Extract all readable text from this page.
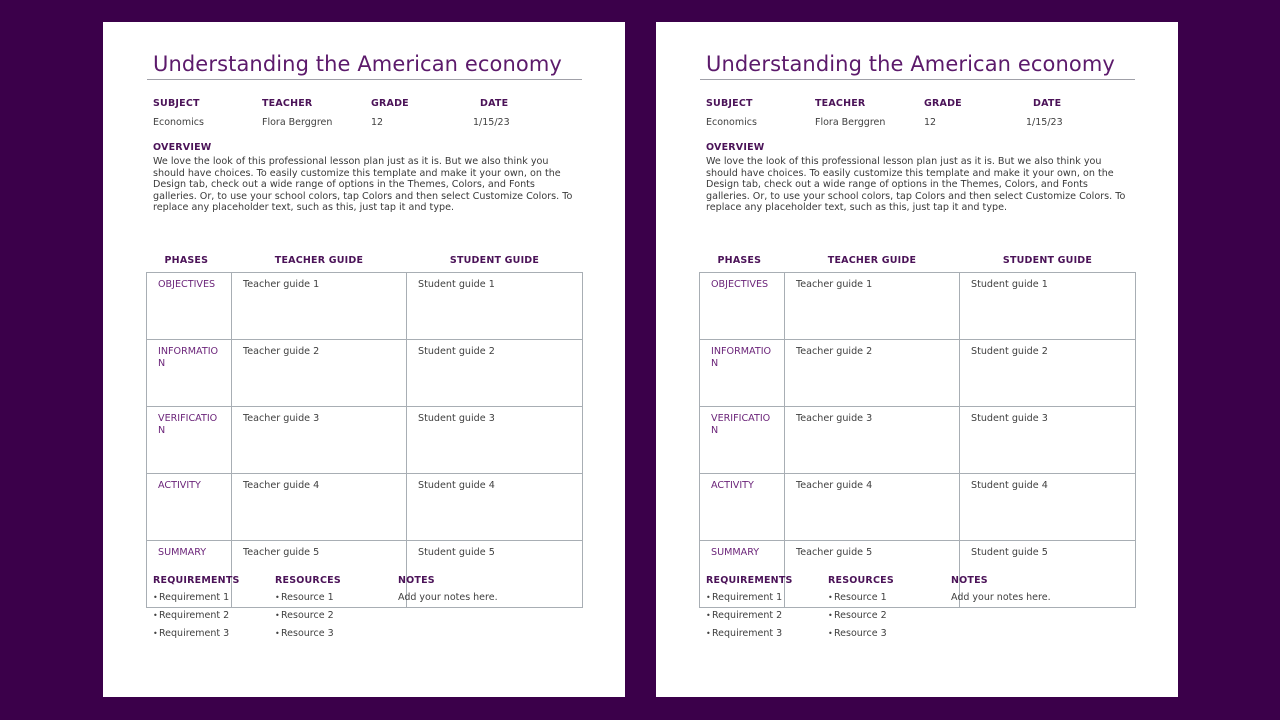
Understanding the American economy
SUBJECT	TEACHER	GRADE	DATE
Economics	Flora Berggren	12	1/15/23
OVERVIEW
We love the look of this professional lesson plan just as it is. But we also think you should have choices. To easily customize this template and make it your own, on the Design tab, check out a wide range of options in the Themes, Colors, and Fonts galleries. Or, to use your school colors, tap Colors and then select Customize Colors. To replace any placeholder text, such as this, just tap it and type.
PHASES	TEACHER GUIDE	STUDENT GUIDE
OBJECTIVES	Teacher guide 1	Student guide 1
INFORMATION	Teacher guide 2	Student guide 2
VERIFICATION	Teacher guide 3	Student guide 3
ACTIVITY	Teacher guide 4	Student guide 4
SUMMARY	Teacher guide 5	Student guide 5
REQUIREMENTS
•Requirement 1
•Requirement 2
•Requirement 3
RESOURCES
•Resource 1
•Resource 2
•Resource 3
NOTES
Add your notes here.
Understanding the American economy
SUBJECT	TEACHER	GRADE	DATE
Economics	Flora Berggren	12	1/15/23
OVERVIEW
We love the look of this professional lesson plan just as it is. But we also think you should have choices. To easily customize this template and make it your own, on the Design tab, check out a wide range of options in the Themes, Colors, and Fonts galleries. Or, to use your school colors, tap Colors and then select Customize Colors. To replace any placeholder text, such as this, just tap it and type.
PHASES	TEACHER GUIDE	STUDENT GUIDE
OBJECTIVES	Teacher guide 1	Student guide 1
INFORMATION	Teacher guide 2	Student guide 2
VERIFICATION	Teacher guide 3	Student guide 3
ACTIVITY	Teacher guide 4	Student guide 4
SUMMARY	Teacher guide 5	Student guide 5
REQUIREMENTS
•Requirement 1
•Requirement 2
•Requirement 3
RESOURCES
•Resource 1
•Resource 2
•Resource 3
NOTES
Add your notes here.
